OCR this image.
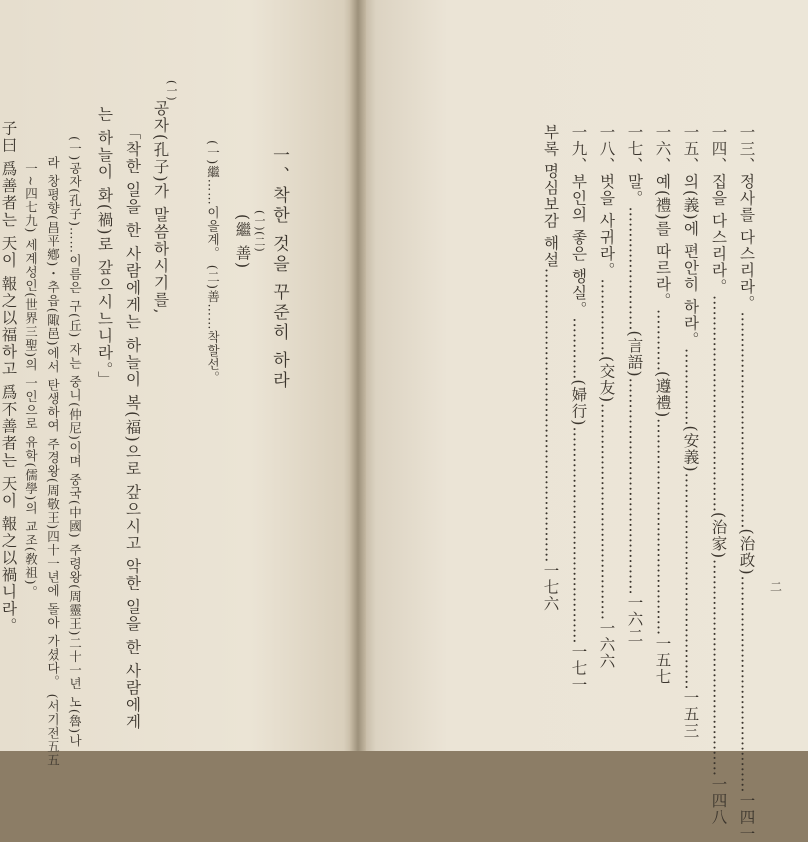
一三、정사를 다스리라。……………………………………(治政)……………………………………一四一
一四、집을 다스리라。……………………………………(治家)……………………………………一四八
一五、의(義)에 편안히 하라。……………(安義)……………………………………一五三
一六、예(禮)를 따르라。…………(遵禮)……………………………………一五七
一七、말。……………………(言語)……………………………………一六二
一八、벗을 사귀라。……………(交友)……………………………………一六六
一九、부인의 좋은 행실。…………(婦行)……………………………………一七一
부록 명심보감 해설…………………………………………………一七六	二
一、착한 것을 꾸준히 하라
(一)(二)
(繼 善)
(一)繼……이을계。 (二)善……착할선。
(一)
공자(孔子)가 말씀하시기를,
「착한 일을 한 사람에게는 하늘이 복(福)으로 갚으시고 악한 일을 한 사람에게
는 하늘이 화(禍)로 갚으시느니라。」
(一)공자(孔子)……이름은 구(丘) 자는 중니(仲尼)이며 중국(中國) 주령왕(周靈王)二十一년 노(魯)나
라 창평향(昌平鄕)・추읍(陬邑)에서 탄생하여 주경왕(周敬王)四十一년에 돌아 가셨다。 (서기전五五
一~四七九) 세계성인(世界三聖)의 一인으로 유학(儒學)의 교조(敎祖)。
子曰 爲善者는 天이 報之以福하고 爲不善者는 天이 報之以禍니라。
